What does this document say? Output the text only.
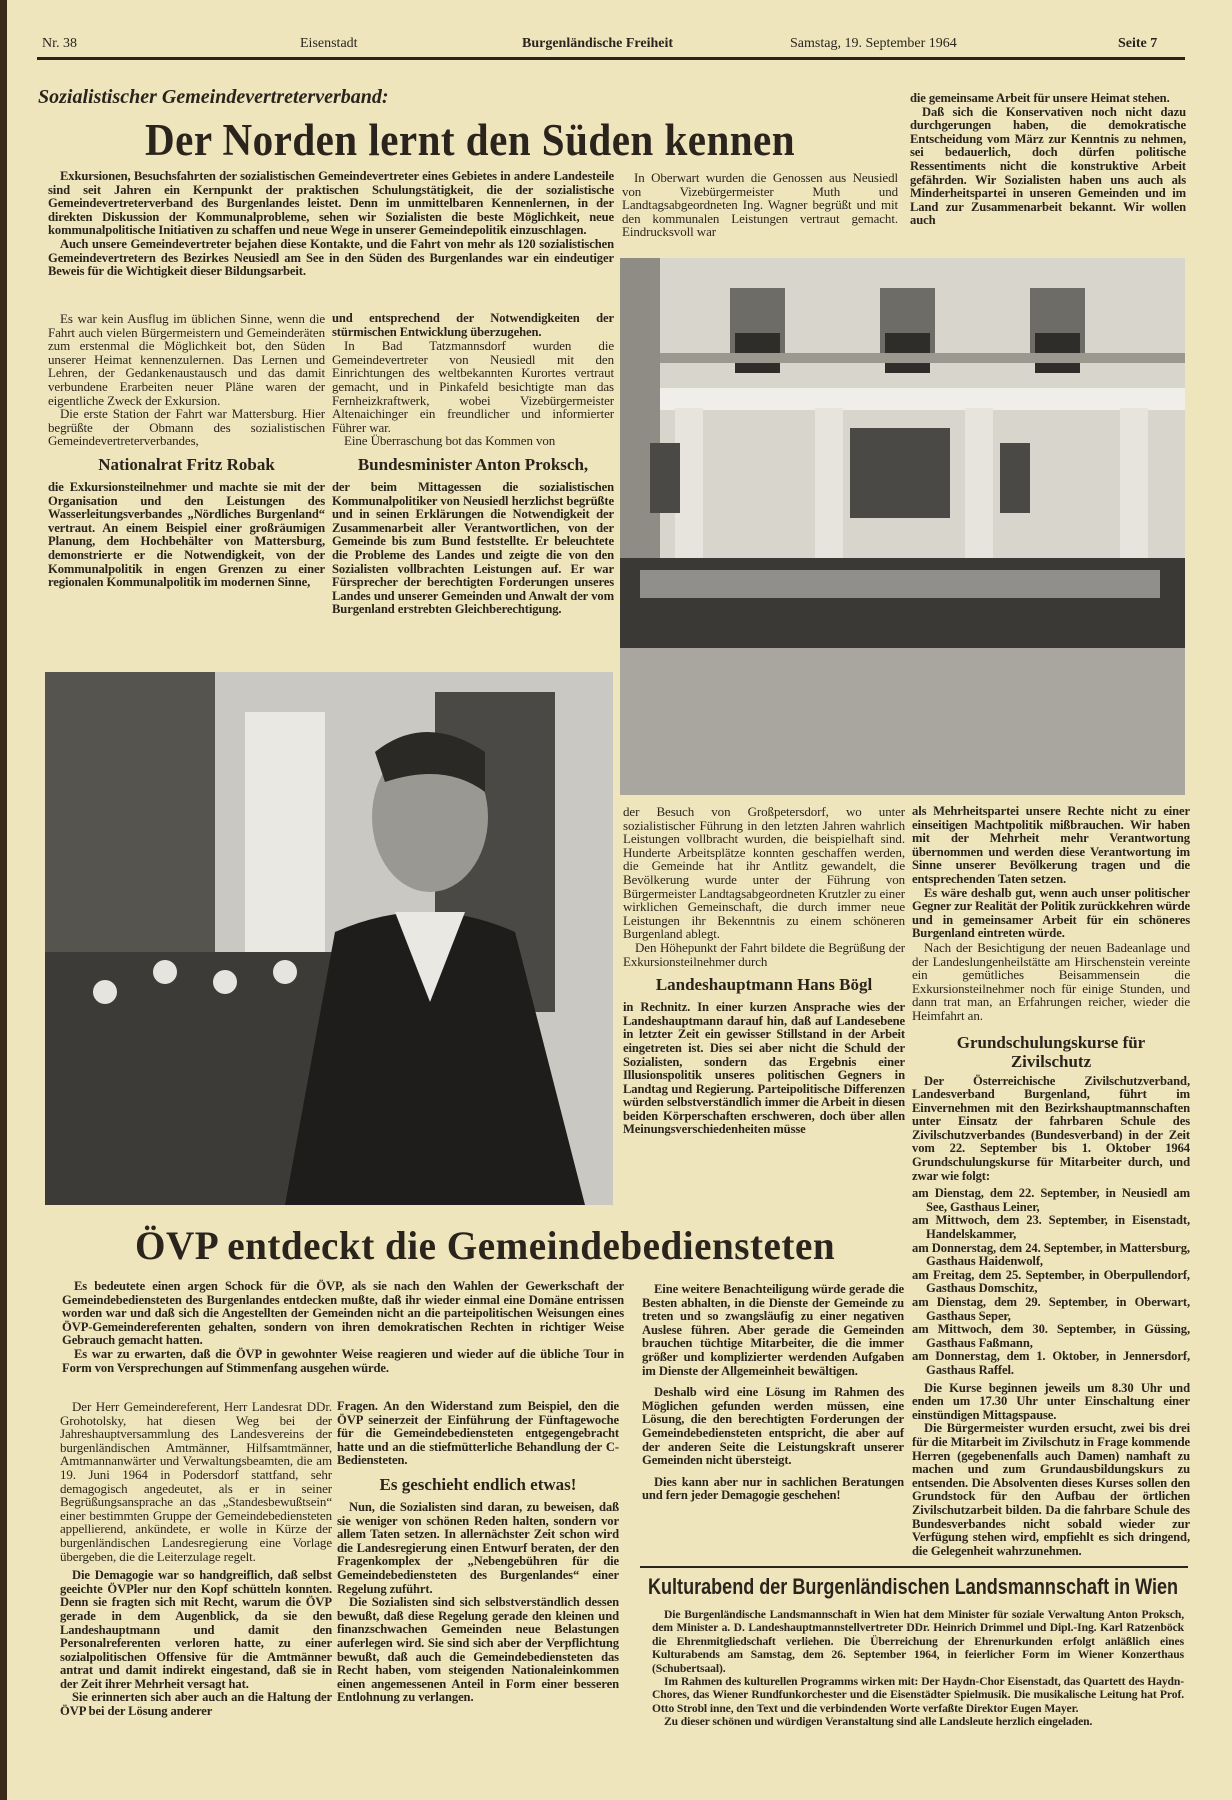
Nr. 38	Eisenstadt	Burgenländische Freiheit	Samstag, 19. September 1964	Seite 7
Sozialistischer Gemeindevertreterverband:
Der Norden lernt den Süden kennen

Exkursionen, Besuchsfahrten der sozialistischen Gemeindevertreter eines Gebietes in andere Landesteile sind seit Jahren ein Kernpunkt der praktischen Schulungstätigkeit, die der sozialistische Gemeindevertreterverband des Burgenlandes leistet. Denn im unmittelbaren Kennenlernen, in der direkten Diskussion der Kommunalprobleme, sehen wir Sozialisten die beste Möglichkeit, neue kommunalpolitische Initiativen zu schaffen und neue Wege in unserer Gemeindepolitik einzuschlagen.

Auch unsere Gemeindevertreter bejahen diese Kontakte, und die Fahrt von mehr als 120 sozialistischen Gemeindevertretern des Bezirkes Neusiedl am See in den Süden des Burgenlandes war ein eindeutiger Beweis für die Wichtigkeit dieser Bildungsarbeit.

Es war kein Ausflug im üblichen Sinne, wenn die Fahrt auch vielen Bürgermeistern und Gemeinderäten zum erstenmal die Möglichkeit bot, den Süden unserer Heimat kennenzulernen. Das Lernen und Lehren, der Gedankenaustausch und das damit verbundene Erarbeiten neuer Pläne waren der eigentliche Zweck der Exkursion.

Die erste Station der Fahrt war Mattersburg. Hier begrüßte der Obmann des sozialistischen Gemeindevertreterverbandes,

Nationalrat Fritz Robak

die Exkursionsteilnehmer und machte sie mit der Organisation und den Leistungen des Wasserleitungsverbandes „Nördliches Burgenland“ vertraut. An einem Beispiel einer großräumigen Planung, dem Hochbehälter von Mattersburg, demonstrierte er die Notwendigkeit, von der Kommunalpolitik in engen Grenzen zu einer regionalen Kommunalpolitik im modernen Sinne,

und entsprechend der Notwendigkeiten der stürmischen Entwicklung überzugehen.

In Bad Tatzmannsdorf wurden die Gemeindevertreter von Neusiedl mit den Einrichtungen des weltbekannten Kurortes vertraut gemacht, und in Pinkafeld besichtigte man das Fernheizkraftwerk, wobei Vizebürgermeister Altenaichinger ein freundlicher und informierter Führer war.

Eine Überraschung bot das Kommen von

Bundesminister Anton Proksch,

der beim Mittagessen die sozialistischen Kommunalpolitiker von Neusiedl herzlichst begrüßte und in seinen Erklärungen die Notwendigkeit der Zusammenarbeit aller Verantwortlichen, von der Gemeinde bis zum Bund feststellte. Er beleuchtete die Probleme des Landes und zeigte die von den Sozialisten vollbrachten Leistungen auf. Er war Fürsprecher der berechtigten Forderungen unseres Landes und unserer Gemeinden und Anwalt der vom Burgenland erstrebten Gleichberechtigung.

In Oberwart wurden die Genossen aus Neusiedl von Vizebürgermeister Muth und Landtagsabgeordneten Ing. Wagner begrüßt und mit den kommunalen Leistungen vertraut gemacht. Eindrucksvoll war

die gemeinsame Arbeit für unsere Heimat stehen.

Daß sich die Konservativen noch nicht dazu durchgerungen haben, die demokratische Entscheidung vom März zur Kenntnis zu nehmen, sei bedauerlich, doch dürfen politische Ressentiments nicht die konstruktive Arbeit gefährden. Wir Sozialisten haben uns auch als Minderheitspartei in unseren Gemeinden und im Land zur Zusammenarbeit bekannt. Wir wollen auch

der Besuch von Großpetersdorf, wo unter sozialistischer Führung in den letzten Jahren wahrlich Leistungen vollbracht wurden, die beispielhaft sind. Hunderte Arbeitsplätze konnten geschaffen werden, die Gemeinde hat ihr Antlitz gewandelt, die Bevölkerung wurde unter der Führung von Bürgermeister Landtagsabgeordneten Krutzler zu einer wirklichen Gemeinschaft, die durch immer neue Leistungen ihr Bekenntnis zu einem schöneren Burgenland ablegt.

Den Höhepunkt der Fahrt bildete die Begrüßung der Exkursionsteilnehmer durch

Landeshauptmann Hans Bögl

in Rechnitz. In einer kurzen Ansprache wies der Landeshauptmann darauf hin, daß auf Landesebene in letzter Zeit ein gewisser Stillstand in der Arbeit eingetreten ist. Dies sei aber nicht die Schuld der Sozialisten, sondern das Ergebnis einer Illusionspolitik unseres politischen Gegners in Landtag und Regierung. Parteipolitische Differenzen würden selbstverständlich immer die Arbeit in diesen beiden Körperschaften erschweren, doch über allen Meinungsverschiedenheiten müsse

als Mehrheitspartei unsere Rechte nicht zu einer einseitigen Machtpolitik mißbrauchen. Wir haben mit der Mehrheit mehr Verantwortung übernommen und werden diese Verantwortung im Sinne unserer Bevölkerung tragen und die entsprechenden Taten setzen.

Es wäre deshalb gut, wenn auch unser politischer Gegner zur Realität der Politik zurückkehren würde und in gemeinsamer Arbeit für ein schöneres Burgenland eintreten würde.

Nach der Besichtigung der neuen Badeanlage und der Landeslungenheilstätte am Hirschenstein vereinte ein gemütliches Beisammensein die Exkursionsteilnehmer noch für einige Stunden, und dann trat man, an Erfahrungen reicher, wieder die Heimfahrt an.

Grundschulungskurse für Zivilschutz

Der Österreichische Zivilschutzverband, Landesverband Burgenland, führt im Einvernehmen mit den Bezirkshauptmannschaften unter Einsatz der fahrbaren Schule des Zivilschutzverbandes (Bundesverband) in der Zeit vom 22. September bis 1. Oktober 1964 Grundschulungskurse für Mitarbeiter durch, und zwar wie folgt:

am Dienstag, dem 22. September, in Neusiedl am See, Gasthaus Leiner,
am Mittwoch, dem 23. September, in Eisenstadt, Handelskammer,
am Donnerstag, dem 24. September, in Mattersburg, Gasthaus Haidenwolf,
am Freitag, dem 25. September, in Oberpullendorf, Gasthaus Domschitz,
am Dienstag, dem 29. September, in Oberwart, Gasthaus Seper,
am Mittwoch, dem 30. September, in Güssing, Gasthaus Faßmann,
am Donnerstag, dem 1. Oktober, in Jennersdorf, Gasthaus Raffel.

Die Kurse beginnen jeweils um 8.30 Uhr und enden um 17.30 Uhr unter Einschaltung einer einstündigen Mittagspause.

Die Bürgermeister wurden ersucht, zwei bis drei für die Mitarbeit im Zivilschutz in Frage kommende Herren (gegebenenfalls auch Damen) namhaft zu machen und zum Grundausbildungskurs zu entsenden. Die Absolventen dieses Kurses sollen den Grundstock für den Aufbau der örtlichen Zivilschutzarbeit bilden. Da die fahrbare Schule des Bundesverbandes nicht sobald wieder zur Verfügung stehen wird, empfiehlt es sich dringend, die Gelegenheit wahrzunehmen.

ÖVP entdeckt die Gemeindebediensteten

Es bedeutete einen argen Schock für die ÖVP, als sie nach den Wahlen der Gewerkschaft der Gemeindebediensteten des Burgenlandes entdecken mußte, daß ihr wieder einmal eine Domäne entrissen worden war und daß sich die Angestellten der Gemeinden nicht an die parteipolitischen Weisungen eines ÖVP-Gemeindereferenten gehalten, sondern von ihren demokratischen Rechten in richtiger Weise Gebrauch gemacht hatten.

Es war zu erwarten, daß die ÖVP in gewohnter Weise reagieren und wieder auf die übliche Tour in Form von Versprechungen auf Stimmenfang ausgehen würde.

Der Herr Gemeindereferent, Herr Landesrat DDr. Grohotolsky, hat diesen Weg bei der Jahreshauptversammlung des Landesvereins der burgenländischen Amtmänner, Hilfsamtmänner, Amtmannanwärter und Verwaltungsbeamten, die am 19. Juni 1964 in Podersdorf stattfand, sehr demagogisch angedeutet, als er in seiner Begrüßungsansprache an das „Standesbewußtsein“ einer bestimmten Gruppe der Gemeindebediensteten appellierend, ankündete, er wolle in Kürze der burgenländischen Landesregierung eine Vorlage übergeben, die die Leiterzulage regelt.

Die Demagogie war so handgreiflich, daß selbst geeichte ÖVPler nur den Kopf schütteln konnten. Denn sie fragten sich mit Recht, warum die ÖVP gerade in dem Augenblick, da sie den Landeshauptmann und damit den Personalreferenten verloren hatte, zu einer sozialpolitischen Offensive für die Amtmänner antrat und damit indirekt eingestand, daß sie in der Zeit ihrer Mehrheit versagt hat.

Sie erinnerten sich aber auch an die Haltung der ÖVP bei der Lösung anderer

Fragen. An den Widerstand zum Beispiel, den die ÖVP seinerzeit der Einführung der Fünftagewoche für die Gemeindebediensteten entgegengebracht hatte und an die stiefmütterliche Behandlung der C-Bediensteten.

Es geschieht endlich etwas!

Nun, die Sozialisten sind daran, zu beweisen, daß sie weniger von schönen Reden halten, sondern vor allem Taten setzen. In allernächster Zeit schon wird die Landesregierung einen Entwurf beraten, der den Fragenkomplex der „Nebengebühren für die Gemeindebediensteten des Burgenlandes“ einer Regelung zuführt.

Die Sozialisten sind sich selbstverständlich dessen bewußt, daß diese Regelung gerade den kleinen und finanzschwachen Gemeinden neue Belastungen auferlegen wird. Sie sind sich aber der Verpflichtung bewußt, daß auch die Gemeindebediensteten das Recht haben, vom steigenden Nationaleinkommen einen angemessenen Anteil in Form einer besseren Entlohnung zu verlangen.

Eine weitere Benachteiligung würde gerade die Besten abhalten, in die Dienste der Gemeinde zu treten und so zwangsläufig zu einer negativen Auslese führen. Aber gerade die Gemeinden brauchen tüchtige Mitarbeiter, die die immer größer und komplizierter werdenden Aufgaben im Dienste der Allgemeinheit bewältigen.

Deshalb wird eine Lösung im Rahmen des Möglichen gefunden werden müssen, eine Lösung, die den berechtigten Forderungen der Gemeindebediensteten entspricht, die aber auf der anderen Seite die Leistungskraft unserer Gemeinden nicht übersteigt.

Dies kann aber nur in sachlichen Beratungen und fern jeder Demagogie geschehen!

Kulturabend der Burgenländischen Landsmannschaft in Wien

Die Burgenländische Landsmannschaft in Wien hat dem Minister für soziale Verwaltung Anton Proksch, dem Minister a. D. Landeshauptmannstellvertreter DDr. Heinrich Drimmel und Dipl.-Ing. Karl Ratzenböck die Ehrenmitgliedschaft verliehen. Die Überreichung der Ehrenurkunden erfolgt anläßlich eines Kulturabends am Samstag, dem 26. September 1964, in feierlicher Form im Wiener Konzerthaus (Schubertsaal).

Im Rahmen des kulturellen Programms wirken mit: Der Haydn-Chor Eisenstadt, das Quartett des Haydn-Chores, das Wiener Rundfunkorchester und die Eisenstädter Spielmusik. Die musikalische Leitung hat Prof. Otto Strobl inne, den Text und die verbindenden Worte verfaßte Direktor Eugen Mayer.

Zu dieser schönen und würdigen Veranstaltung sind alle Landsleute herzlich eingeladen.
